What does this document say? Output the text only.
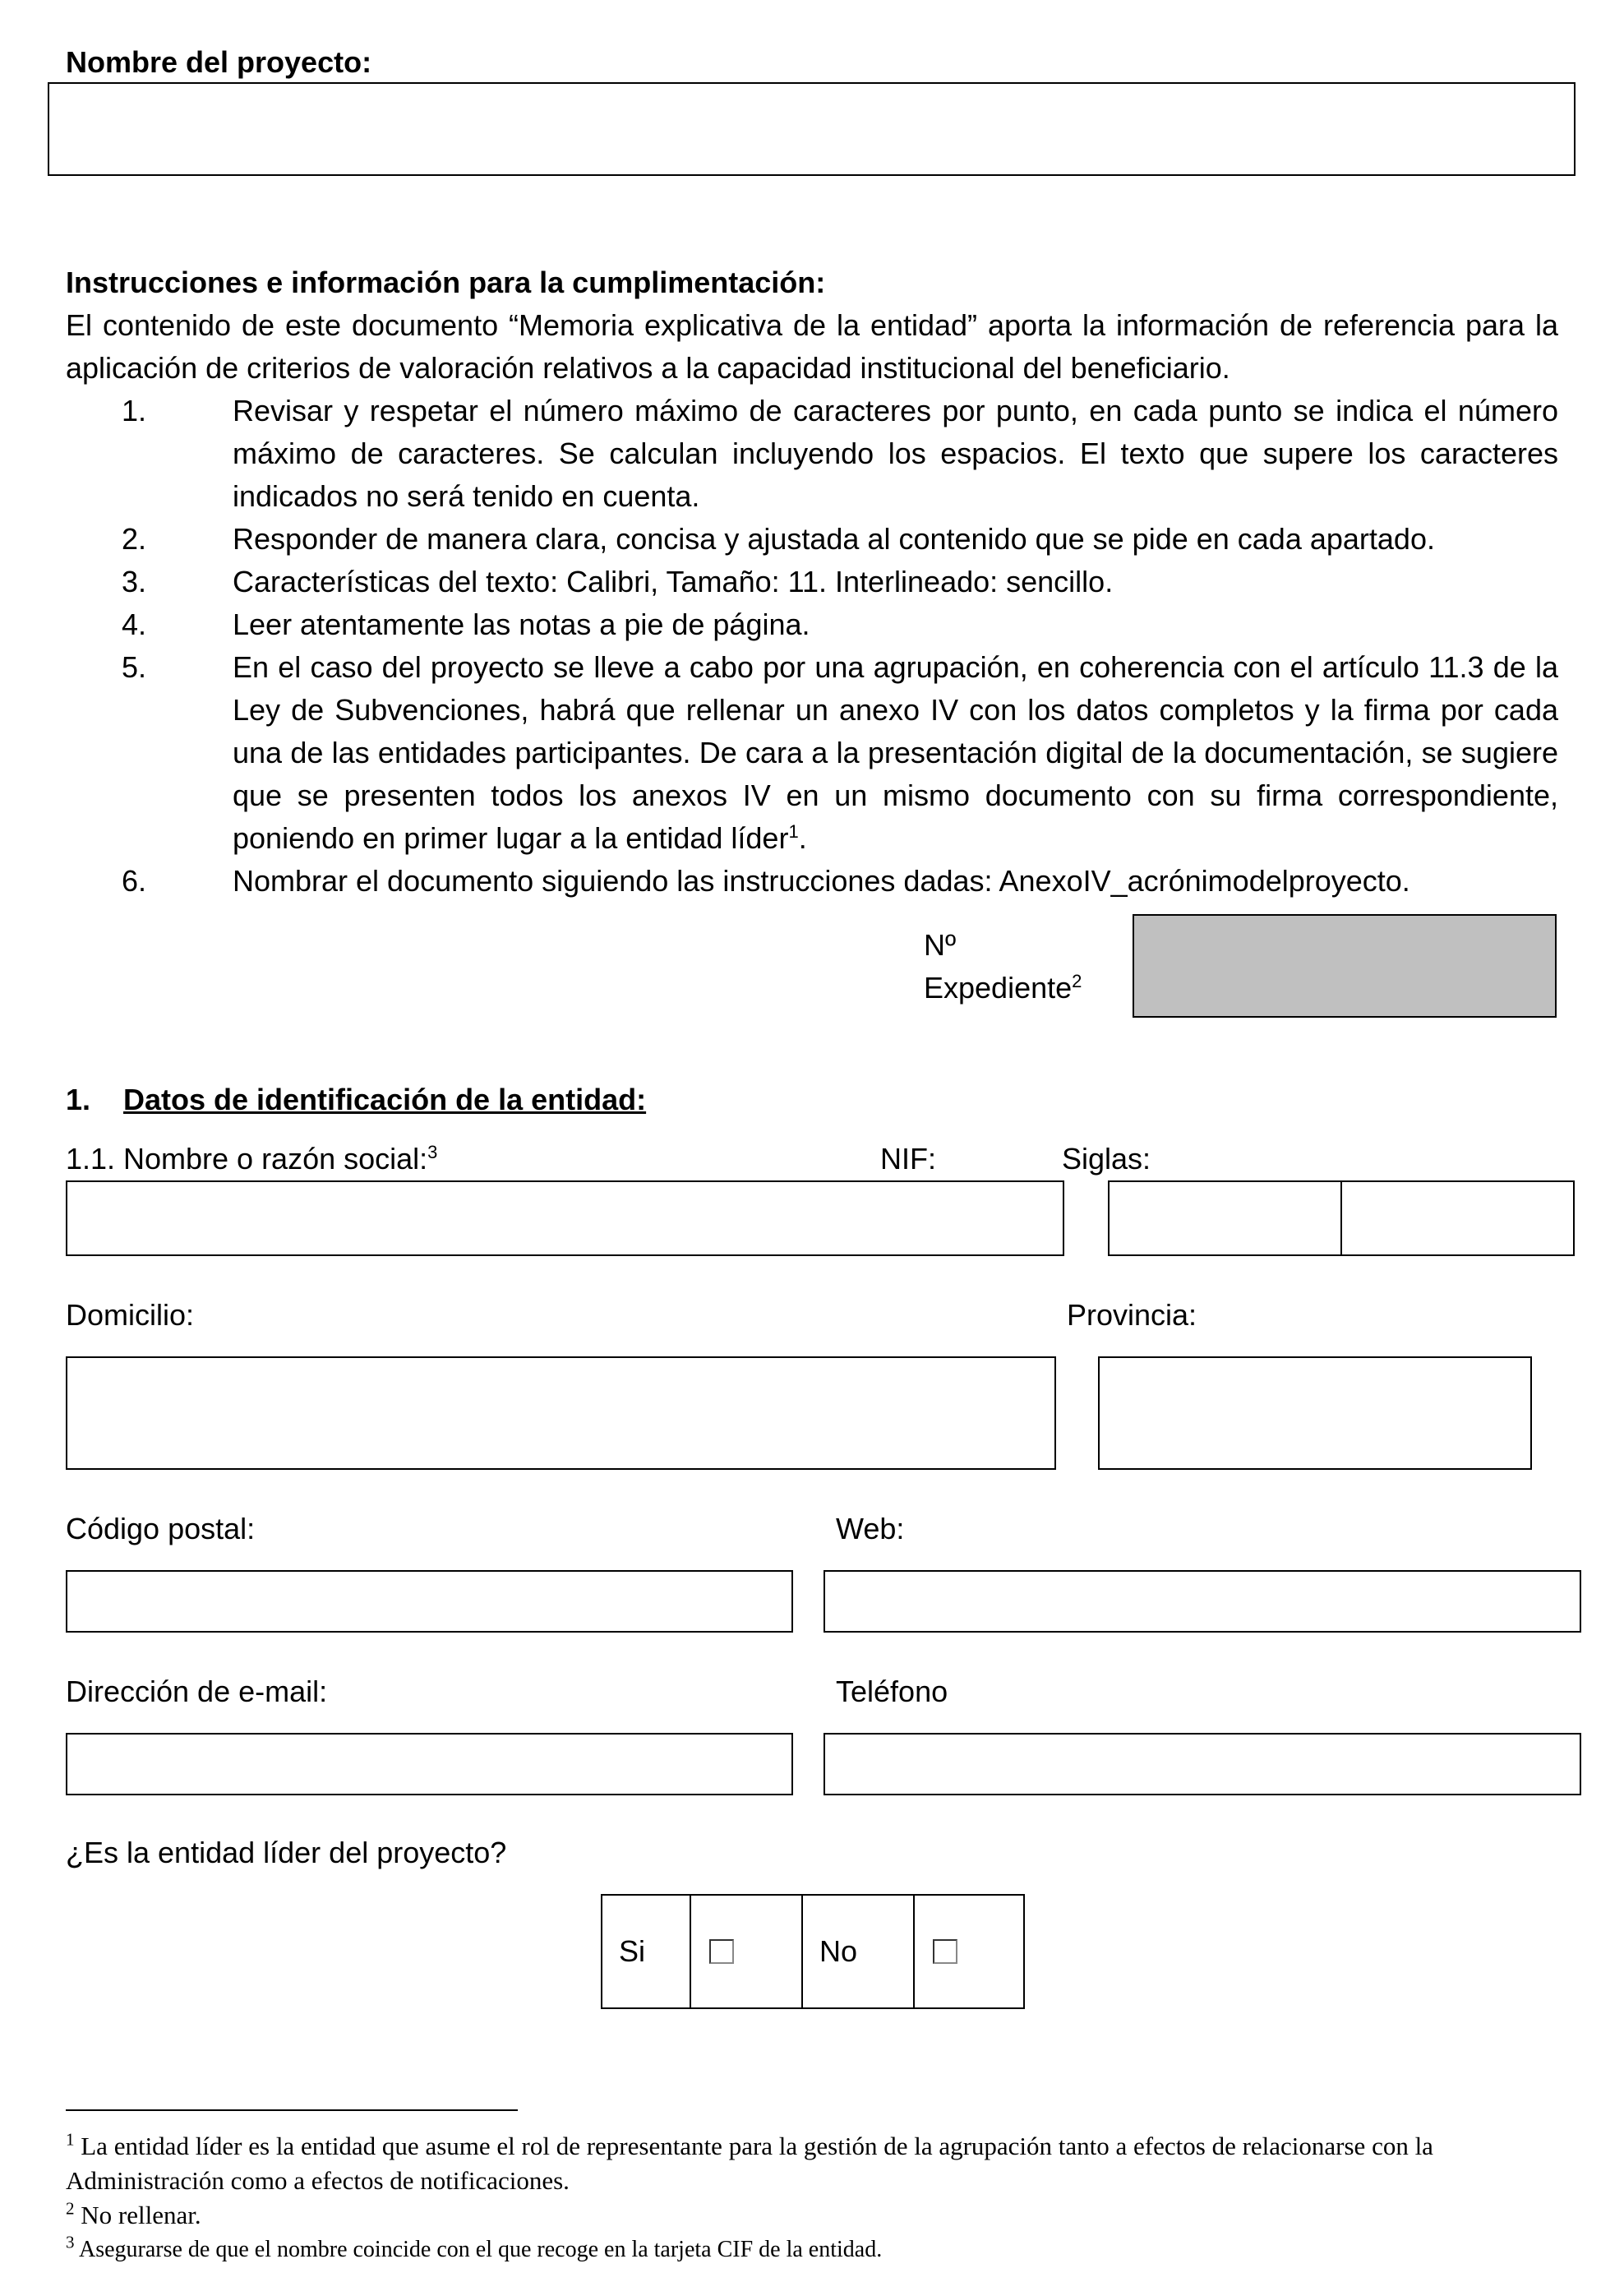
Nombre del proyecto:
Instrucciones e información para la cumplimentación:
El contenido de este documento “Memoria explicativa de la entidad” aporta la información de referencia para la aplicación de criterios de valoración relativos a la capacidad institucional del beneficiario.
1.	Revisar y respetar el número máximo de caracteres por punto, en cada punto se indica el número máximo de caracteres. Se calculan incluyendo los espacios. El texto que supere los caracteres indicados no será tenido en cuenta.
2.	Responder de manera clara, concisa y ajustada al contenido que se pide en cada apartado.
3.	Características del texto: Calibri, Tamaño: 11. Interlineado: sencillo.
4.	Leer atentamente las notas a pie de página.
5.	En el caso del proyecto se lleve a cabo por una agrupación, en coherencia con el artículo 11.3 de la Ley de Subvenciones, habrá que rellenar un anexo IV con los datos completos y la firma por cada una de las entidades participantes. De cara a la presentación digital de la documentación, se sugiere que se presenten todos los anexos IV en un mismo documento con su firma correspondiente, poniendo en primer lugar a la entidad líder$^1$.
6.	Nombrar el documento siguiendo las instrucciones dadas: AnexoIV_acrónimodelproyecto.
Nº
Expediente$^2$
1. Datos de identificación de la entidad:
1.1. Nombre o razón social:$^3$	NIF:	Siglas:
Domicilio:	Provincia:
Código postal:	Web:
Dirección de e-mail:	Teléfono
¿Es la entidad líder del proyecto?
Si	No
$^1$ La entidad líder es la entidad que asume el rol de representante para la gestión de la agrupación tanto a efectos de relacionarse con la Administración como a efectos de notificaciones.
$^2$ No rellenar.
$^3$ Asegurarse de que el nombre coincide con el que recoge en la tarjeta CIF de la entidad.
